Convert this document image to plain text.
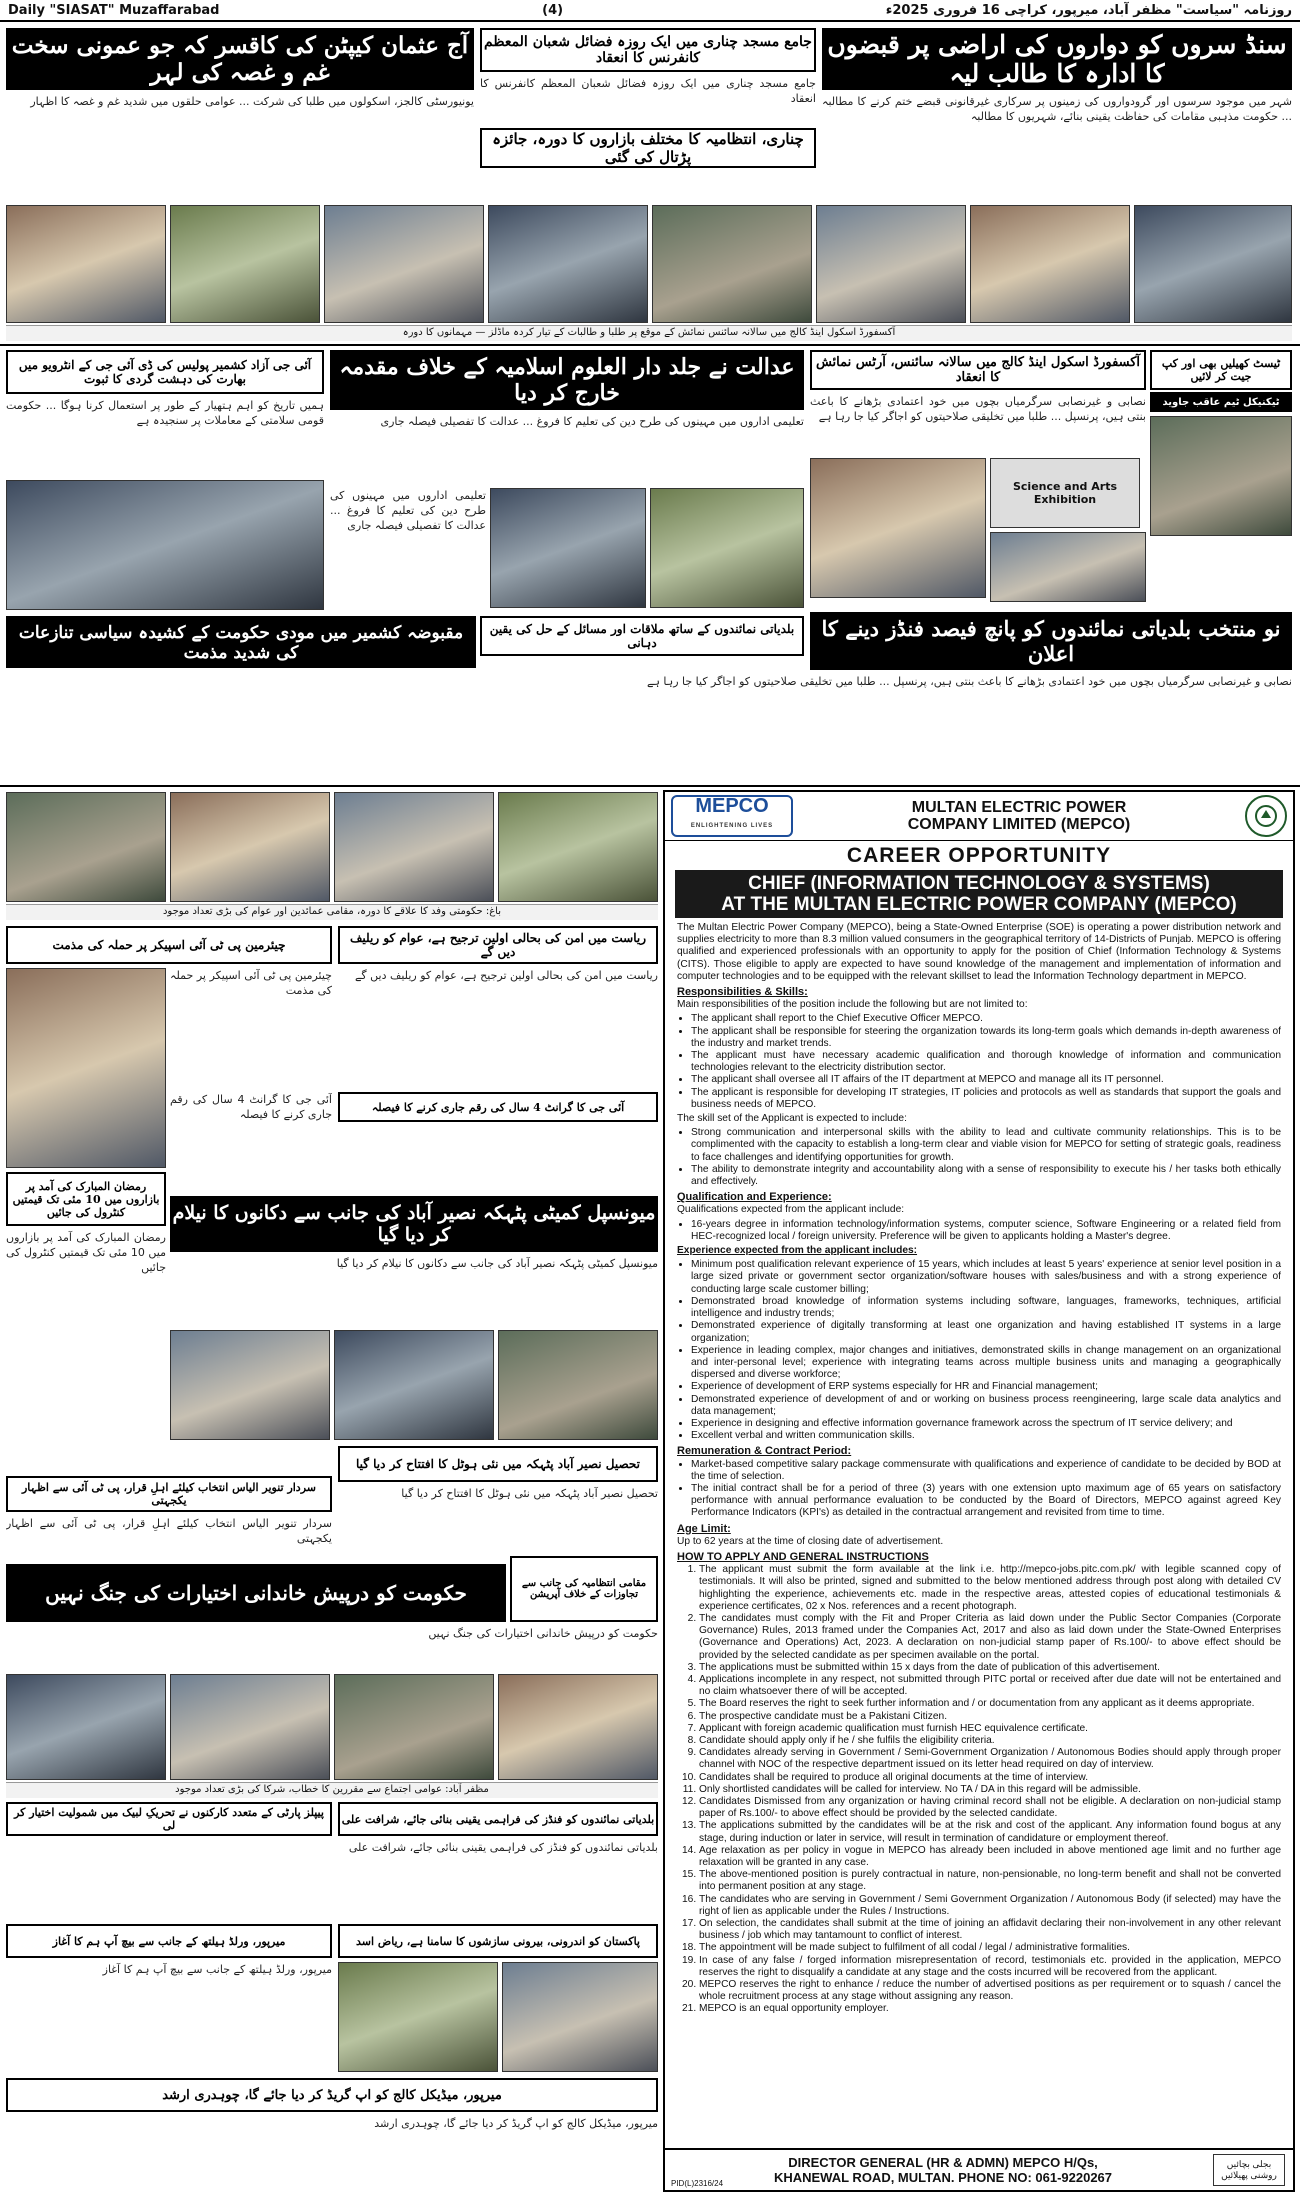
Daily "SIASAT" Muzaffarabad	(4)	روزنامہ "سیاست" مظفر آباد، میرپور، کراچی 16 فروری 2025ء
سنڈ سروں کو دواروں کی اراضی پر قبضوں کا ادارہ کا طالب لیہ
شہر میں موجود سرسوں اور گرودواروں کی زمینوں پر سرکاری غیرقانونی قبضے ختم کرنے کا مطالبہ ... حکومت مذہبی مقامات کی حفاظت یقینی بنائے، شہریوں کا مطالبہ
جامع مسجد چناری میں ایک روزہ فضائل شعبان المعظم کانفرنس کا انعقاد
جامع مسجد چناری میں ایک روزہ فضائل شعبان المعظم کانفرنس کا انعقاد
چناری، انتظامیہ کا مختلف بازاروں کا دورہ، جائزہ پڑتال کی گئی
آج عثمان کیپٹن کی کاقسر کہ جو عمونی سخت غم و غصہ کی لہر
یونیورسٹی کالجز، اسکولوں میں طلبا کی شرکت ... عوامی حلقوں میں شدید غم و غصہ کا اظہار
آکسفورڈ اسکول اینڈ کالج میں سالانہ سائنس نمائش کے موقع پر طلبا و طالبات کے تیار کردہ ماڈلز — مہمانوں کا دورہ
ٹیسٹ کھیلیں بھی اور کپ جیت کر لائیں
ٹیکنیکل ٹیم عاقب جاوید
آکسفورڈ اسکول اینڈ کالج میں سالانہ سائنس، آرٹس نمائش کا انعقاد
نصابی و غیرنصابی سرگرمیاں بچوں میں خود اعتمادی بڑھانے کا باعث بنتی ہیں، پرنسپل ... طلبا میں تخلیقی صلاحیتوں کو اجاگر کیا جا رہا ہے
Science and Arts Exhibition
عدالت نے جلد دار العلوم اسلامیہ کے خلاف مقدمہ خارج کر دیا
تعلیمی اداروں میں مہینوں کی طرح دین کی تعلیم کا فروغ ... عدالت کا تفصیلی فیصلہ جاری
تعلیمی اداروں میں مہینوں کی طرح دین کی تعلیم کا فروغ ... عدالت کا تفصیلی فیصلہ جاری
آئی جی آزاد کشمیر پولیس کی ڈی آئی جی کے انٹرویو میں بھارت کی دہشت گردی کا ثبوت
ہمیں تاریخ کو اہم ہتھیار کے طور پر استعمال کرنا ہوگا ... حکومت قومی سلامتی کے معاملات پر سنجیدہ ہے
نو منتخب بلدیاتی نمائندوں کو پانچ فیصد فنڈز دینے کا اعلان
مقبوضہ کشمیر میں مودی حکومت کے کشیدہ سیاسی تنازعات کی شدید مذمت
بلدیاتی نمائندوں کے ساتھ ملاقات اور مسائل کے حل کی یقین دہانی
نصابی و غیرنصابی سرگرمیاں بچوں میں خود اعتمادی بڑھانے کا باعث بنتی ہیں، پرنسپل ... طلبا میں تخلیقی صلاحیتوں کو اجاگر کیا جا رہا ہے
باغ: حکومتی وفد کا علاقے کا دورہ، مقامی عمائدین اور عوام کی بڑی تعداد موجود
ریاست میں امن کی بحالی اولین ترجیح ہے، عوام کو ریلیف دیں گے
چیئرمین پی ٹی آئی اسپیکر پر حملہ کی مذمت
ریاست میں امن کی بحالی اولین ترجیح ہے، عوام کو ریلیف دیں گے
چیئرمین پی ٹی آئی اسپیکر پر حملہ کی مذمت
آئی جی کا گرانٹ 4 سال کی رقم جاری کرنے کا فیصلہ
آئی جی کا گرانٹ 4 سال کی رقم جاری کرنے کا فیصلہ
میونسپل کمیٹی پٹہکہ نصیر آباد کی جانب سے دکانوں کا نیلام کر دیا گیا
میونسپل کمیٹی پٹہکہ نصیر آباد کی جانب سے دکانوں کا نیلام کر دیا گیا
رمضان المبارک کی آمد پر بازاروں میں 10 مئی تک قیمتیں کنٹرول کی جائیں
رمضان المبارک کی آمد پر بازاروں میں 10 مئی تک قیمتیں کنٹرول کی جائیں
تحصیل نصیر آباد پٹہکہ میں نئی ہوٹل کا افتتاح کر دیا گیا
سردار تنویر الیاس انتخاب کیلئے اہلِ قرار، پی ٹی آئی سے اظہار یکجہتی
تحصیل نصیر آباد پٹہکہ میں نئی ہوٹل کا افتتاح کر دیا گیا
سردار تنویر الیاس انتخاب کیلئے اہلِ قرار، پی ٹی آئی سے اظہار یکجہتی
حکومت کو درپیش خاندانی اختیارات کی جنگ نہیں	مقامی انتظامیہ کی جانب سے تجاوزات کے خلاف آپریشن
حکومت کو درپیش خاندانی اختیارات کی جنگ نہیں
مظفر آباد: عوامی اجتماع سے مقررین کا خطاب، شرکا کی بڑی تعداد موجود
بلدیاتی نمائندوں کو فنڈز کی فراہمی یقینی بنائی جائے، شرافت علی
پیپلز پارٹی کے متعدد کارکنوں نے تحریکِ لبیک میں شمولیت اختیار کر لی
بلدیاتی نمائندوں کو فنڈز کی فراہمی یقینی بنائی جائے، شرافت علی
پاکستان کو اندرونی، بیرونی سازشوں کا سامنا ہے، ریاض اسد
میرپور، ورلڈ ہیلتھ کے جانب سے بیچ آپ ہم کا آغاز
میرپور، ورلڈ ہیلتھ کے جانب سے بیچ آپ ہم کا آغاز
میرپور، میڈیکل کالج کو اپ گریڈ کر دیا جائے گا، چوہدری ارشد
میرپور، میڈیکل کالج کو اپ گریڈ کر دیا جائے گا، چوہدری ارشد
MEPCO
ENLIGHTENING LIVES
MULTAN ELECTRIC POWER
COMPANY LIMITED (MEPCO)
CAREER OPPORTUNITY
CHIEF (INFORMATION TECHNOLOGY & SYSTEMS)
AT THE MULTAN ELECTRIC POWER COMPANY (MEPCO)

The Multan Electric Power Company (MEPCO), being a State-Owned Enterprise (SOE) is operating a power distribution network and supplies electricity to more than 8.3 million valued consumers in the geographical territory of 14-Districts of Punjab. MEPCO is offering qualified and experienced professionals with an opportunity to apply for the position of Chief (Information Technology & Systems (CITS). Those eligible to apply are expected to have sound knowledge of the management and implementation of information and computer technologies and to be equipped with the relevant skillset to lead the Information Technology department in MEPCO.

Responsibilities & Skills:

Main responsibilities of the position include the following but are not limited to:

• The applicant shall report to the Chief Executive Officer MEPCO.
• The applicant shall be responsible for steering the organization towards its long-term goals which demands in-depth awareness of the industry and market trends.
• The applicant must have necessary academic qualification and thorough knowledge of information and communication technologies relevant to the electricity distribution sector.
• The applicant shall oversee all IT affairs of the IT department at MEPCO and manage all its IT personnel.
• The applicant is responsible for developing IT strategies, IT policies and protocols as well as standards that support the goals and business needs of MEPCO.

The skill set of the Applicant is expected to include:

• Strong communication and interpersonal skills with the ability to lead and cultivate community relationships. This is to be complimented with the capacity to establish a long-term clear and viable vision for MEPCO for setting of strategic goals, readiness to face challenges and identifying opportunities for growth.
• The ability to demonstrate integrity and accountability along with a sense of responsibility to execute his / her tasks both ethically and effectively.
Qualification and Experience:

Qualifications expected from the applicant include:

• 16-years degree in information technology/information systems, computer science, Software Engineering or a related field from HEC-recognized local / foreign university. Preference will be given to applicants holding a Master's degree.

Experience expected from the applicant includes:

• Minimum post qualification relevant experience of 15 years, which includes at least 5 years' experience at senior level position in a large sized private or government sector organization/software houses with sales/business and with a strong experience of conducting large scale customer billing;
• Demonstrated broad knowledge of information systems including software, languages, frameworks, techniques, artificial intelligence and industry trends;
• Demonstrated experience of digitally transforming at least one organization and having established IT systems in a large organization;
• Experience in leading complex, major changes and initiatives, demonstrated skills in change management on an organizational and inter-personal level; experience with integrating teams across multiple business units and managing a geographically dispersed and diverse workforce;
• Experience of development of ERP systems especially for HR and Financial management;
• Demonstrated experience of development of and or working on business process reengineering, large scale data analytics and data management;
• Experience in designing and effective information governance framework across the spectrum of IT service delivery; and
• Excellent verbal and written communication skills.
Remuneration & Contract Period:
• Market-based competitive salary package commensurate with qualifications and experience of candidate to be decided by BOD at the time of selection.
• The initial contract shall be for a period of three (3) years with one extension upto maximum age of 65 years on satisfactory performance with annual performance evaluation to be conducted by the Board of Directors, MEPCO against agreed Key Performance Indicators (KPI's) as detailed in the contractual arrangement and revisited from time to time.
Age Limit:

Up to 62 years at the time of closing date of advertisement.

HOW TO APPLY AND GENERAL INSTRUCTIONS
1. The applicant must submit the form available at the link i.e. http://mepco-jobs.pitc.com.pk/ with legible scanned copy of testimonials. It will also be printed, signed and submitted to the below mentioned address through post along with detailed CV highlighting the experience, achievements etc. made in the respective areas, attested copies of educational testimonials & experience certificates, 02 x Nos. references and a recent photograph.
2. The candidates must comply with the Fit and Proper Criteria as laid down under the Public Sector Companies (Corporate Governance) Rules, 2013 framed under the Companies Act, 2017 and also as laid down under the State-Owned Enterprises (Governance and Operations) Act, 2023. A declaration on non-judicial stamp paper of Rs.100/- to above effect should be provided by the selected candidate as per specimen available on the portal.
3. The applications must be submitted within 15 x days from the date of publication of this advertisement.
4. Applications incomplete in any respect, not submitted through PITC portal or received after due date will not be entertained and no claim whatsoever there of will be accepted.
5. The Board reserves the right to seek further information and / or documentation from any applicant as it deems appropriate.
6. The prospective candidate must be a Pakistani Citizen.
7. Applicant with foreign academic qualification must furnish HEC equivalence certificate.
8. Candidate should apply only if he / she fulfils the eligibility criteria.
9. Candidates already serving in Government / Semi-Government Organization / Autonomous Bodies should apply through proper channel with NOC of the respective department issued on its letter head required on day of interview.
10. Candidates shall be required to produce all original documents at the time of interview.
11. Only shortlisted candidates will be called for interview. No TA / DA in this regard will be admissible.
12. Candidates Dismissed from any organization or having criminal record shall not be eligible. A declaration on non-judicial stamp paper of Rs.100/- to above effect should be provided by the selected candidate.
13. The applications submitted by the candidates will be at the risk and cost of the applicant. Any information found bogus at any stage, during induction or later in service, will result in termination of candidature or employment thereof.
14. Age relaxation as per policy in vogue in MEPCO has already been included in above mentioned age limit and no further age relaxation will be granted in any case.
15. The above-mentioned position is purely contractual in nature, non-pensionable, no long-term benefit and shall not be converted into permanent position at any stage.
16. The candidates who are serving in Government / Semi Government Organization / Autonomous Body (if selected) may have the right of lien as applicable under the Rules / Instructions.
17. On selection, the candidates shall submit at the time of joining an affidavit declaring their non-involvement in any other relevant business / job which may tantamount to conflict of interest.
18. The appointment will be made subject to fulfilment of all codal / legal / administrative formalities.
19. In case of any false / forged information misrepresentation of record, testimonials etc. provided in the application, MEPCO reserves the right to disqualify a candidate at any stage and the costs incurred will be recovered from the applicant.
20. MEPCO reserves the right to enhance / reduce the number of advertised positions as per requirement or to squash / cancel the whole recruitment process at any stage without assigning any reason.
21. MEPCO is an equal opportunity employer.
DIRECTOR GENERAL (HR & ADMN) MEPCO H/Qs,
KHANEWAL ROAD, MULTAN. PHONE NO: 061-9220267
بجلی بچائیں روشنی پھیلائیں
PID(L)2316/24
